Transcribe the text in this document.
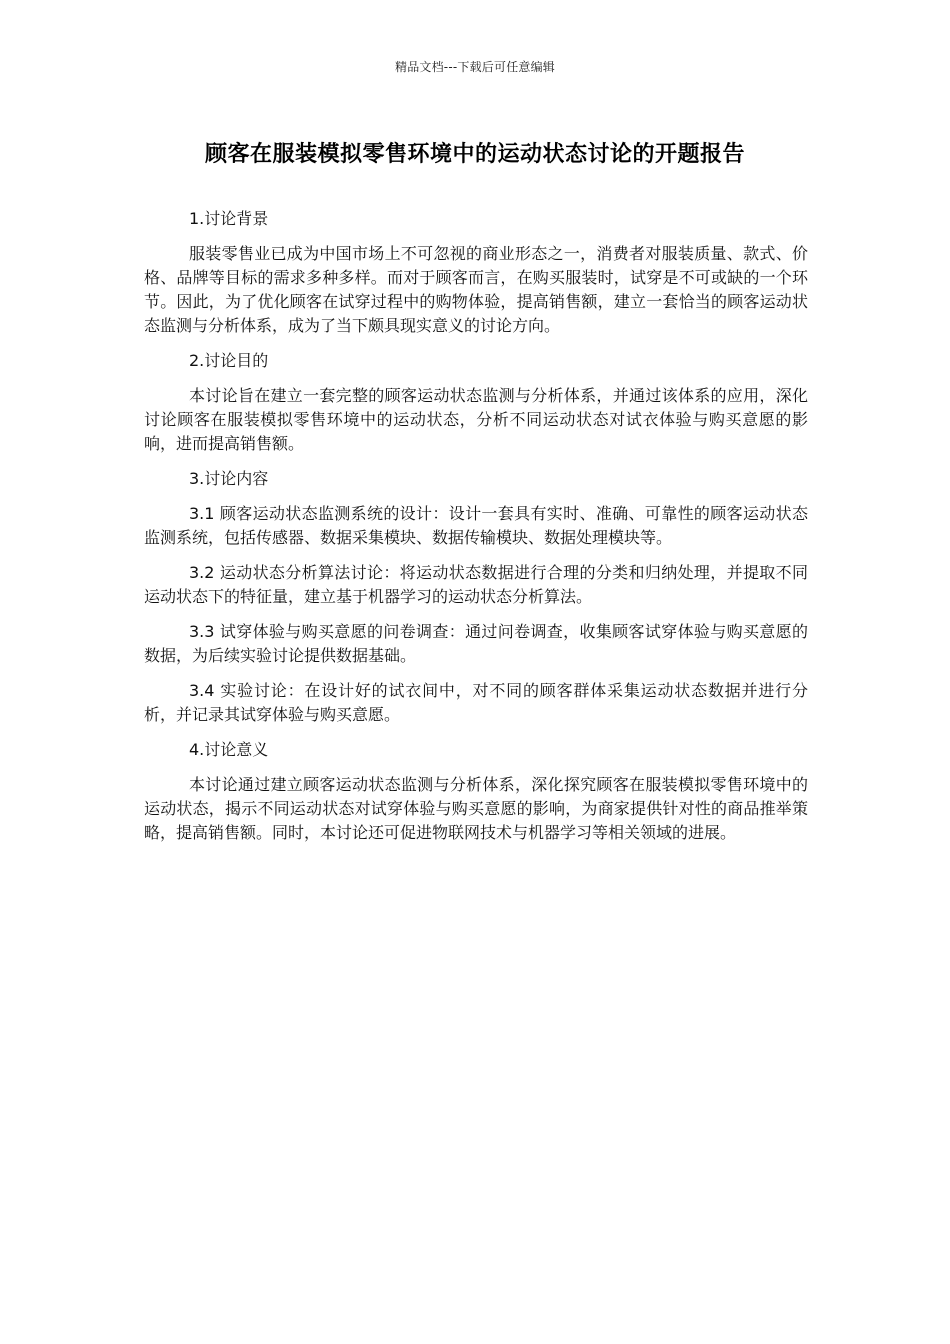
精品文档---下载后可任意编辑
顾客在服装模拟零售环境中的运动状态讨论的开题报告
1.讨论背景

服装零售业已成为中国市场上不可忽视的商业形态之一，消费者对服装质量、款式、价格、品牌等目标的需求多种多样。而对于顾客而言，在购买服装时，试穿是不可或缺的一个环节。因此，为了优化顾客在试穿过程中的购物体验，提高销售额，建立一套恰当的顾客运动状态监测与分析体系，成为了当下颇具现实意义的讨论方向。

2.讨论目的

本讨论旨在建立一套完整的顾客运动状态监测与分析体系，并通过该体系的应用，深化讨论顾客在服装模拟零售环境中的运动状态，分析不同运动状态对试衣体验与购买意愿的影响，进而提高销售额。

3.讨论内容

3.1 顾客运动状态监测系统的设计：设计一套具有实时、准确、可靠性的顾客运动状态监测系统，包括传感器、数据采集模块、数据传输模块、数据处理模块等。

3.2 运动状态分析算法讨论：将运动状态数据进行合理的分类和归纳处理，并提取不同运动状态下的特征量，建立基于机器学习的运动状态分析算法。

3.3 试穿体验与购买意愿的问卷调查：通过问卷调查，收集顾客试穿体验与购买意愿的数据，为后续实验讨论提供数据基础。

3.4 实验讨论：在设计好的试衣间中，对不同的顾客群体采集运动状态数据并进行分析，并记录其试穿体验与购买意愿。

4.讨论意义

本讨论通过建立顾客运动状态监测与分析体系，深化探究顾客在服装模拟零售环境中的运动状态，揭示不同运动状态对试穿体验与购买意愿的影响，为商家提供针对性的商品推举策略，提高销售额。同时，本讨论还可促进物联网技术与机器学习等相关领域的进展。
